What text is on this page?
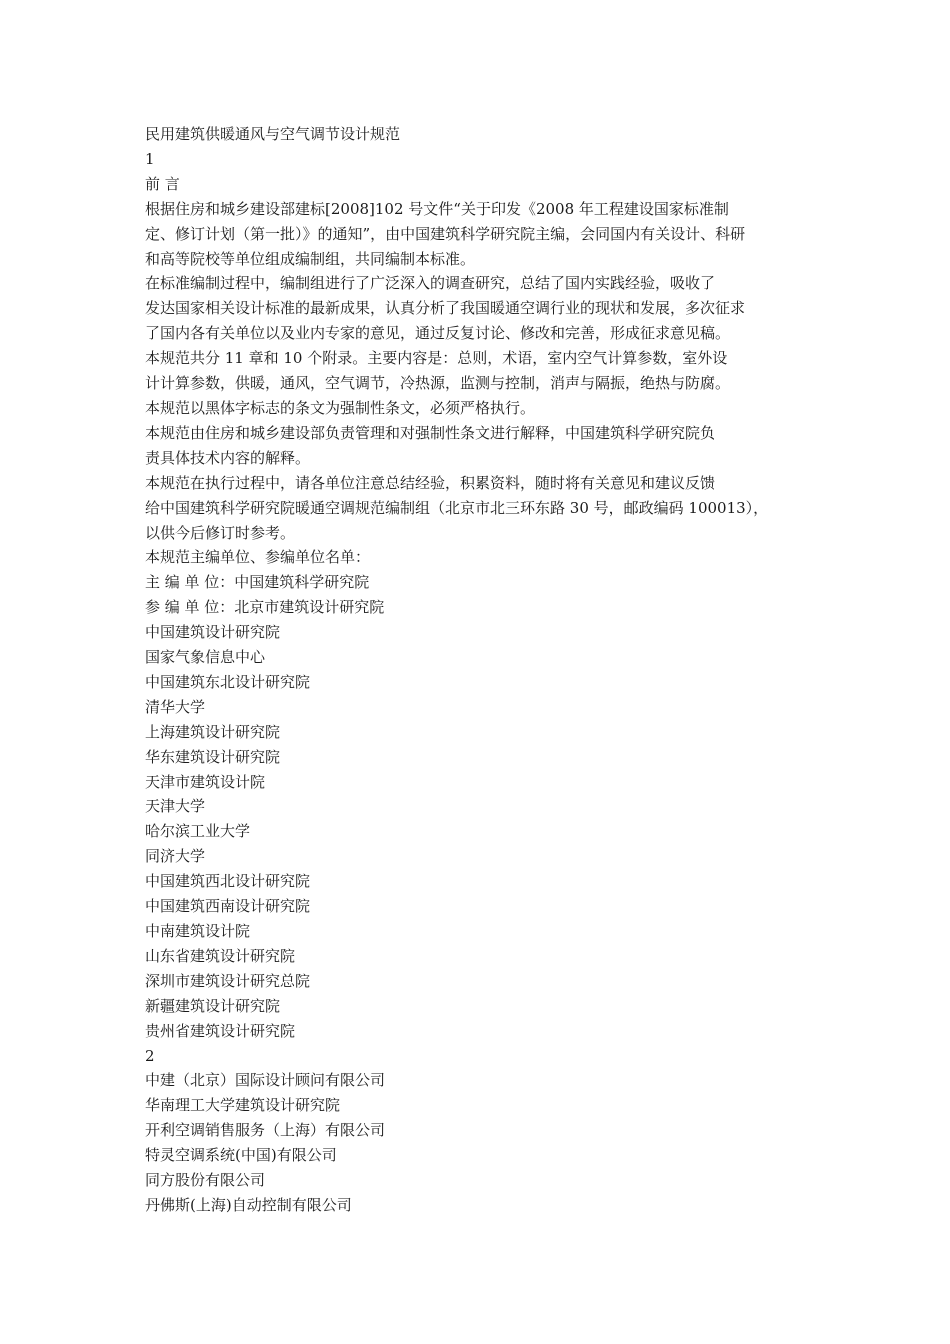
民用建筑供暖通风与空气调节设计规范
1
前 言
根据住房和城乡建设部建标[2008]102 号文件“关于印发《2008 年工程建设国家标准制
定、修订计划（第一批）》的通知”，由中国建筑科学研究院主编，会同国内有关设计、科研
和高等院校等单位组成编制组，共同编制本标准。
在标准编制过程中，编制组进行了广泛深入的调查研究，总结了国内实践经验，吸收了
发达国家相关设计标准的最新成果，认真分析了我国暖通空调行业的现状和发展，多次征求
了国内各有关单位以及业内专家的意见，通过反复讨论、修改和完善，形成征求意见稿。
本规范共分 11 章和 10 个附录。主要内容是：总则，术语，室内空气计算参数，室外设
计计算参数，供暖，通风，空气调节，冷热源，监测与控制，消声与隔振，绝热与防腐。
本规范以黑体字标志的条文为强制性条文，必须严格执行。
本规范由住房和城乡建设部负责管理和对强制性条文进行解释，中国建筑科学研究院负
责具体技术内容的解释。
本规范在执行过程中，请各单位注意总结经验，积累资料，随时将有关意见和建议反馈
给中国建筑科学研究院暖通空调规范编制组（北京市北三环东路 30 号，邮政编码 100013），
以供今后修订时参考。
本规范主编单位、参编单位名单：
主 编 单 位：中国建筑科学研究院
参 编 单 位：北京市建筑设计研究院
中国建筑设计研究院
国家气象信息中心
中国建筑东北设计研究院
清华大学
上海建筑设计研究院
华东建筑设计研究院
天津市建筑设计院
天津大学
哈尔滨工业大学
同济大学
中国建筑西北设计研究院
中国建筑西南设计研究院
中南建筑设计院
山东省建筑设计研究院
深圳市建筑设计研究总院
新疆建筑设计研究院
贵州省建筑设计研究院
2
中建（北京）国际设计顾问有限公司
华南理工大学建筑设计研究院
开利空调销售服务（上海）有限公司
特灵空调系统(中国)有限公司
同方股份有限公司
丹佛斯(上海)自动控制有限公司
